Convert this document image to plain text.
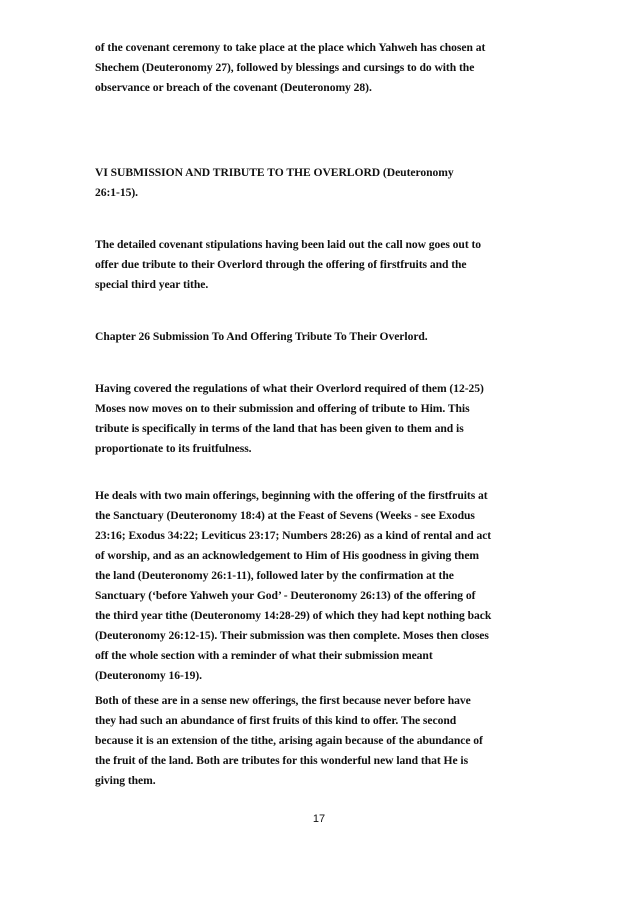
of the covenant ceremony to take place at the place which Yahweh has chosen at
Shechem (Deuteronomy 27), followed by blessings and cursings to do with the
observance or breach of the covenant (Deuteronomy 28).

VI SUBMISSION AND TRIBUTE TO THE OVERLORD (Deuteronomy
26:1-15).

The detailed covenant stipulations having been laid out the call now goes out to
offer due tribute to their Overlord through the offering of firstfruits and the
special third year tithe.

Chapter 26 Submission To And Offering Tribute To Their Overlord.

Having covered the regulations of what their Overlord required of them (12-25)
Moses now moves on to their submission and offering of tribute to Him. This
tribute is specifically in terms of the land that has been given to them and is
proportionate to its fruitfulness.

He deals with two main offerings, beginning with the offering of the firstfruits at
the Sanctuary (Deuteronomy 18:4) at the Feast of Sevens (Weeks - see Exodus
23:16; Exodus 34:22; Leviticus 23:17; Numbers 28:26) as a kind of rental and act
of worship, and as an acknowledgement to Him of His goodness in giving them
the land (Deuteronomy 26:1-11), followed later by the confirmation at the
Sanctuary (‘before Yahweh your God’ - Deuteronomy 26:13) of the offering of
the third year tithe (Deuteronomy 14:28-29) of which they had kept nothing back
(Deuteronomy 26:12-15). Their submission was then complete. Moses then closes
off the whole section with a reminder of what their submission meant
(Deuteronomy 16-19).

Both of these are in a sense new offerings, the first because never before have
they had such an abundance of first fruits of this kind to offer. The second
because it is an extension of the tithe, arising again because of the abundance of
the fruit of the land. Both are tributes for this wonderful new land that He is
giving them.

17
